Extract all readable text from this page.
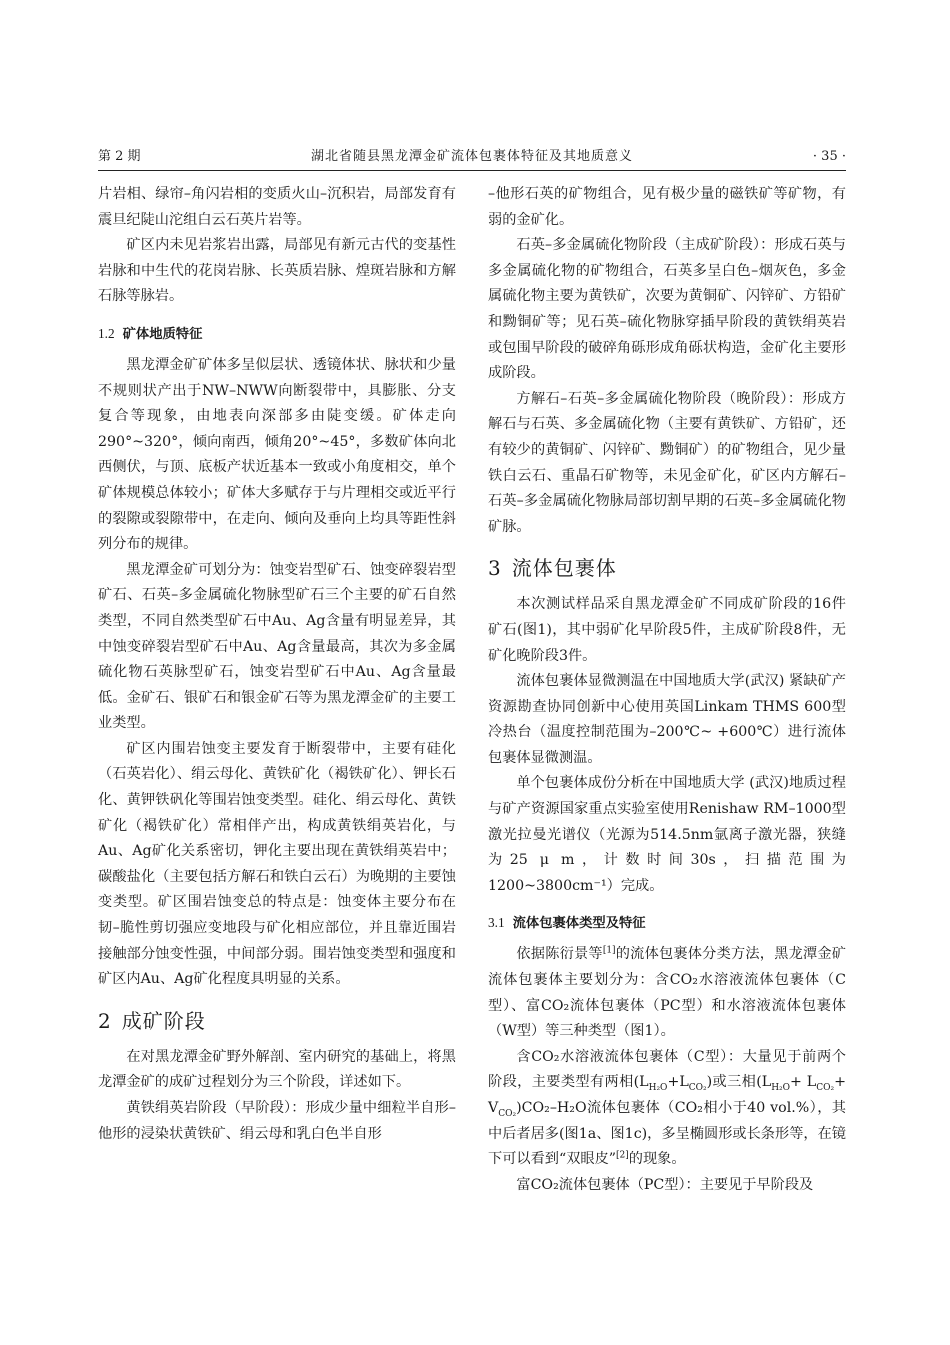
第 2 期	湖北省随县黑龙潭金矿流体包裹体特征及其地质意义	· 35 ·

片岩相、绿帘–角闪岩相的变质火山–沉积岩，局部发育有震旦纪陡山沱组白云石英片岩等。

矿区内未见岩浆岩出露，局部见有新元古代的变基性岩脉和中生代的花岗岩脉、长英质岩脉、煌斑岩脉和方解石脉等脉岩。

1.2 矿体地质特征

黑龙潭金矿矿体多呈似层状、透镜体状、脉状和少量不规则状产出于NW–NWW向断裂带中，具膨胀、分支复合等现象，由地表向深部多由陡变缓。矿体走向290°~320°，倾向南西，倾角20°~45°，多数矿体向北西侧伏，与顶、底板产状近基本一致或小角度相交，单个矿体规模总体较小；矿体大多赋存于与片理相交或近平行的裂隙或裂隙带中，在走向、倾向及垂向上均具等距性斜列分布的规律。

黑龙潭金矿可划分为：蚀变岩型矿石、蚀变碎裂岩型矿石、石英–多金属硫化物脉型矿石三个主要的矿石自然类型，不同自然类型矿石中Au、Ag含量有明显差异，其中蚀变碎裂岩型矿石中Au、Ag含量最高，其次为多金属硫化物石英脉型矿石，蚀变岩型矿石中Au、Ag含量最低。金矿石、银矿石和银金矿石等为黑龙潭金矿的主要工业类型。

矿区内围岩蚀变主要发育于断裂带中，主要有硅化（石英岩化）、绢云母化、黄铁矿化（褐铁矿化）、钾长石化、黄钾铁矾化等围岩蚀变类型。硅化、绢云母化、黄铁矿化（褐铁矿化）常相伴产出，构成黄铁绢英岩化，与Au、Ag矿化关系密切，钾化主要出现在黄铁绢英岩中；碳酸盐化（主要包括方解石和铁白云石）为晚期的主要蚀变类型。矿区围岩蚀变总的特点是：蚀变体主要分布在韧–脆性剪切强应变地段与矿化相应部位，并且靠近围岩接触部分蚀变性强，中间部分弱。围岩蚀变类型和强度和矿区内Au、Ag矿化程度具明显的关系。

2 成矿阶段

在对黑龙潭金矿野外解剖、室内研究的基础上，将黑龙潭金矿的成矿过程划分为三个阶段，详述如下。

黄铁绢英岩阶段（早阶段）：形成少量中细粒半自形–他形的浸染状黄铁矿、绢云母和乳白色半自形

–他形石英的矿物组合，见有极少量的磁铁矿等矿物，有弱的金矿化。

石英–多金属硫化物阶段（主成矿阶段）：形成石英与多金属硫化物的矿物组合，石英多呈白色–烟灰色，多金属硫化物主要为黄铁矿，次要为黄铜矿、闪锌矿、方铅矿和黝铜矿等；见石英–硫化物脉穿插早阶段的黄铁绢英岩或包围早阶段的破碎角砾形成角砾状构造，金矿化主要形成阶段。

方解石–石英–多金属硫化物阶段（晚阶段）：形成方解石与石英、多金属硫化物（主要有黄铁矿、方铅矿，还有较少的黄铜矿、闪锌矿、黝铜矿）的矿物组合，见少量铁白云石、重晶石矿物等，未见金矿化，矿区内方解石–石英–多金属硫化物脉局部切割早期的石英–多金属硫化物矿脉。

3 流体包裹体

本次测试样品采自黑龙潭金矿不同成矿阶段的16件矿石(图1)，其中弱矿化早阶段5件，主成矿阶段8件，无矿化晚阶段3件。

流体包裹体显微测温在中国地质大学(武汉) 紧缺矿产资源勘查协同创新中心使用英国Linkam THMS 600型冷热台（温度控制范围为–200℃~ +600℃）进行流体包裹体显微测温。

单个包裹体成份分析在中国地质大学 (武汉)地质过程与矿产资源国家重点实验室使用Renishaw RM–1000型激光拉曼光谱仪（光源为514.5nm氩离子激光器，狭缝为25 μ m，计数时间30s，扫描范围为1200~3800cm⁻¹）完成。

3.1 流体包裹体类型及特征

依据陈衍景等[1]的流体包裹体分类方法，黑龙潭金矿流体包裹体主要划分为：含CO₂水溶液流体包裹体（C型）、富CO₂流体包裹体（PC型）和水溶液流体包裹体（W型）等三种类型（图1）。

含CO₂水溶液流体包裹体（C型）：大量见于前两个阶段，主要类型有两相$(L_{H_2O}+L_{CO_2})$或三相$(L_{H_2O}+ L_{CO_2}+ V_{CO_2})CO_2-H_2O$流体包裹体（CO₂相小于40 vol.%），其中后者居多(图1a、图1c)，多呈椭圆形或长条形等，在镜下可以看到“双眼皮”[2]的现象。

富CO₂流体包裹体（PC型）：主要见于早阶段及
